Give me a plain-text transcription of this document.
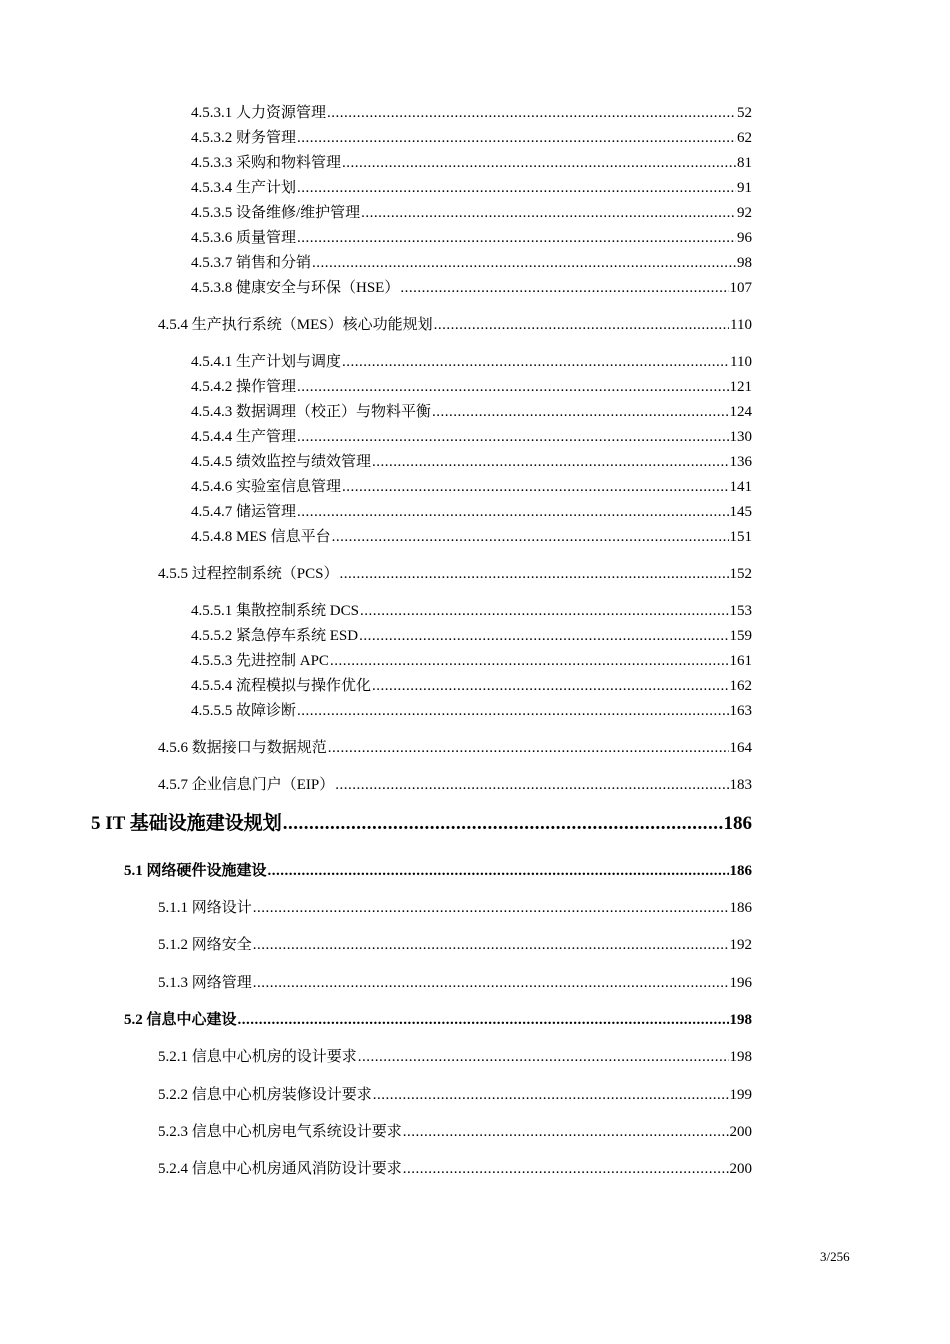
4.5.3.1 人力资源管理 .....	52
4.5.3.2 财务管理 .....	62
4.5.3.3 采购和物料管理 .....	81
4.5.3.4 生产计划 .....	91
4.5.3.5 设备维修/维护管理 .....	92
4.5.3.6 质量管理 .....	96
4.5.3.7 销售和分销 .....	98
4.5.3.8 健康安全与环保（HSE） .....	107
4.5.4 生产执行系统（MES）核心功能规划 .....	110
4.5.4.1 生产计划与调度 .....	110
4.5.4.2 操作管理 .....	121
4.5.4.3 数据调理（校正）与物料平衡 .....	124
4.5.4.4 生产管理 .....	130
4.5.4.5 绩效监控与绩效管理 .....	136
4.5.4.6 实验室信息管理 .....	141
4.5.4.7 储运管理 .....	145
4.5.4.8 MES 信息平台 .....	151
4.5.5 过程控制系统（PCS） .....	152
4.5.5.1 集散控制系统 DCS .....	153
4.5.5.2 紧急停车系统 ESD .....	159
4.5.5.3 先进控制 APC .....	161
4.5.5.4 流程模拟与操作优化 .....	162
4.5.5.5 故障诊断 .....	163
4.5.6 数据接口与数据规范 .....	164
4.5.7 企业信息门户（EIP） .....	183
5 IT 基础设施建设规划 .....	186
5.1 网络硬件设施建设 .....	186
5.1.1 网络设计 .....	186
5.1.2 网络安全 .....	192
5.1.3 网络管理 .....	196
5.2 信息中心建设 .....	198
5.2.1 信息中心机房的设计要求 .....	198
5.2.2 信息中心机房装修设计要求 .....	199
5.2.3 信息中心机房电气系统设计要求 .....	200
5.2.4 信息中心机房通风消防设计要求 .....	200
3/256
